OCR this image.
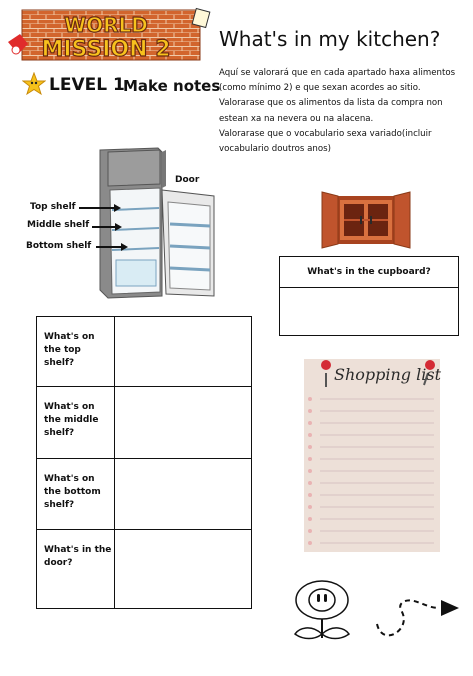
WORLD
MISSION 2 What's in my kitchen?
LEVEL 1
Make notes

Aquí se valorará que en cada apartado haxa alimentos (como mínimo 2) e que sexan acordes ao sitio.

Valorarase que os alimentos da lista da compra non estean xa na nevera ou na alacena.

Valorarase que o vocabulario sexa variado(incluir vocabulario doutros anos)

Door
Top shelf
Middle shelf
Bottom shelf
What's in the cupboard?
What's on the top shelf?	
What's on the middle shelf?	
What's on the bottom shelf?	
What's in the door?	
Shopping list
